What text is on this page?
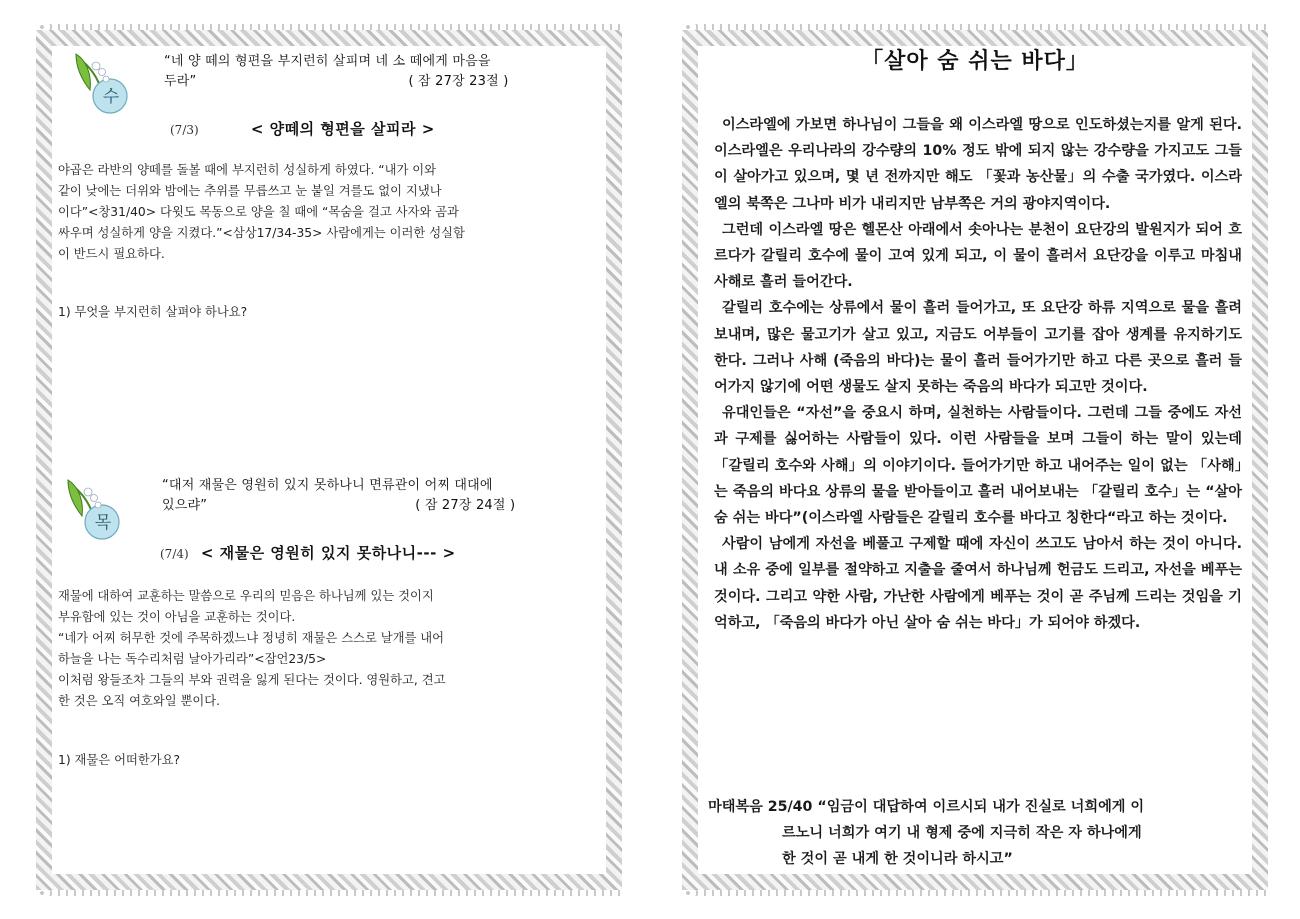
수
“네 양 떼의 형편을 부지런히 살피며 네 소 떼에게 마음을
두라”	( 잠 27장 23절 )
(7/3)	< 양떼의 형편을 살피라 >
야곱은 라반의 양떼를 돌볼 때에 부지런히 성실하게 하였다. “내가 이와
같이 낮에는 더위와 밤에는 추위를 무릅쓰고 눈 붙일 겨를도 없이 지냈나
이다”<창31/40> 다윗도 목동으로 양을 칠 때에 “목숨을 걸고 사자와 곰과
싸우며 성실하게 양을 지켰다.”<삼상17/34-35> 사람에게는 이러한 성실함
이 반드시 필요하다.
1) 무엇을 부지런히 살펴야 하나요?
목
“대저 재물은 영원히 있지 못하나니 면류관이 어찌 대대에
있으랴”	( 잠 27장 24절 )
(7/4) < 재물은 영원히 있지 못하나니--- >
재물에 대하여 교훈하는 말씀으로 우리의 믿음은 하나님께 있는 것이지
부유함에 있는 것이 아님을 교훈하는 것이다.
“네가 어찌 허무한 것에 주목하겠느냐 정녕히 재물은 스스로 날개를 내어
하늘을 나는 독수리처럼 날아가리라”<잠언23/5>
이처럼 왕들조차 그들의 부와 권력을 잃게 된다는 것이다. 영원하고, 견고
한 것은 오직 여호와일 뿐이다.
1) 재물은 어떠한가요?
「살아 숨 쉬는 바다」

이스라엘에 가보면 하나님이 그들을 왜 이스라엘 땅으로 인도하셨는지를 알게 된다. 이스라엘은 우리나라의 강수량의 10% 정도 밖에 되지 않는 강수량을 가지고도 그들이 살아가고 있으며, 몇 년 전까지만 해도 「꽃과 농산물」의 수출 국가였다. 이스라엘의 북쪽은 그나마 비가 내리지만 남부쪽은 거의 광야지역이다.

그런데 이스라엘 땅은 헬몬산 아래에서 솟아나는 분천이 요단강의 발원지가 되어 흐르다가 갈릴리 호수에 물이 고여 있게 되고, 이 물이 흘러서 요단강을 이루고 마침내 사해로 흘러 들어간다.

갈릴리 호수에는 상류에서 물이 흘러 들어가고, 또 요단강 하류 지역으로 물을 흘려보내며, 많은 물고기가 살고 있고, 지금도 어부들이 고기를 잡아 생계를 유지하기도 한다. 그러나 사해 (죽음의 바다)는 물이 흘러 들어가기만 하고 다른 곳으로 흘러 들어가지 않기에 어떤 생물도 살지 못하는 죽음의 바다가 되고만 것이다.

유대인들은 “자선”을 중요시 하며, 실천하는 사람들이다. 그런데 그들 중에도 자선과 구제를 싫어하는 사람들이 있다. 이런 사람들을 보며 그들이 하는 말이 있는데 「갈릴리 호수와 사해」의 이야기이다. 들어가기만 하고 내어주는 일이 없는 「사해」는 죽음의 바다요 상류의 물을 받아들이고 흘러 내어보내는 「갈릴리 호수」는 “살아 숨 쉬는 바다”(이스라엘 사람들은 갈릴리 호수를 바다고 칭한다“라고 하는 것이다.

사람이 남에게 자선을 베풀고 구제할 때에 자신이 쓰고도 남아서 하는 것이 아니다. 내 소유 중에 일부를 절약하고 지출을 줄여서 하나님께 헌금도 드리고, 자선을 베푸는 것이다. 그리고 약한 사람, 가난한 사람에게 베푸는 것이 곧 주님께 드리는 것임을 기억하고, 「죽음의 바다가 아닌 살아 숨 쉬는 바다」가 되어야 하겠다.

마태복음 25/40 “임금이 대답하여 이르시되 내가 진실로 너희에게 이
르노니 너희가 여기 내 형제 중에 지극히 작은 자 하나에게
한 것이 곧 내게 한 것이니라 하시고”
